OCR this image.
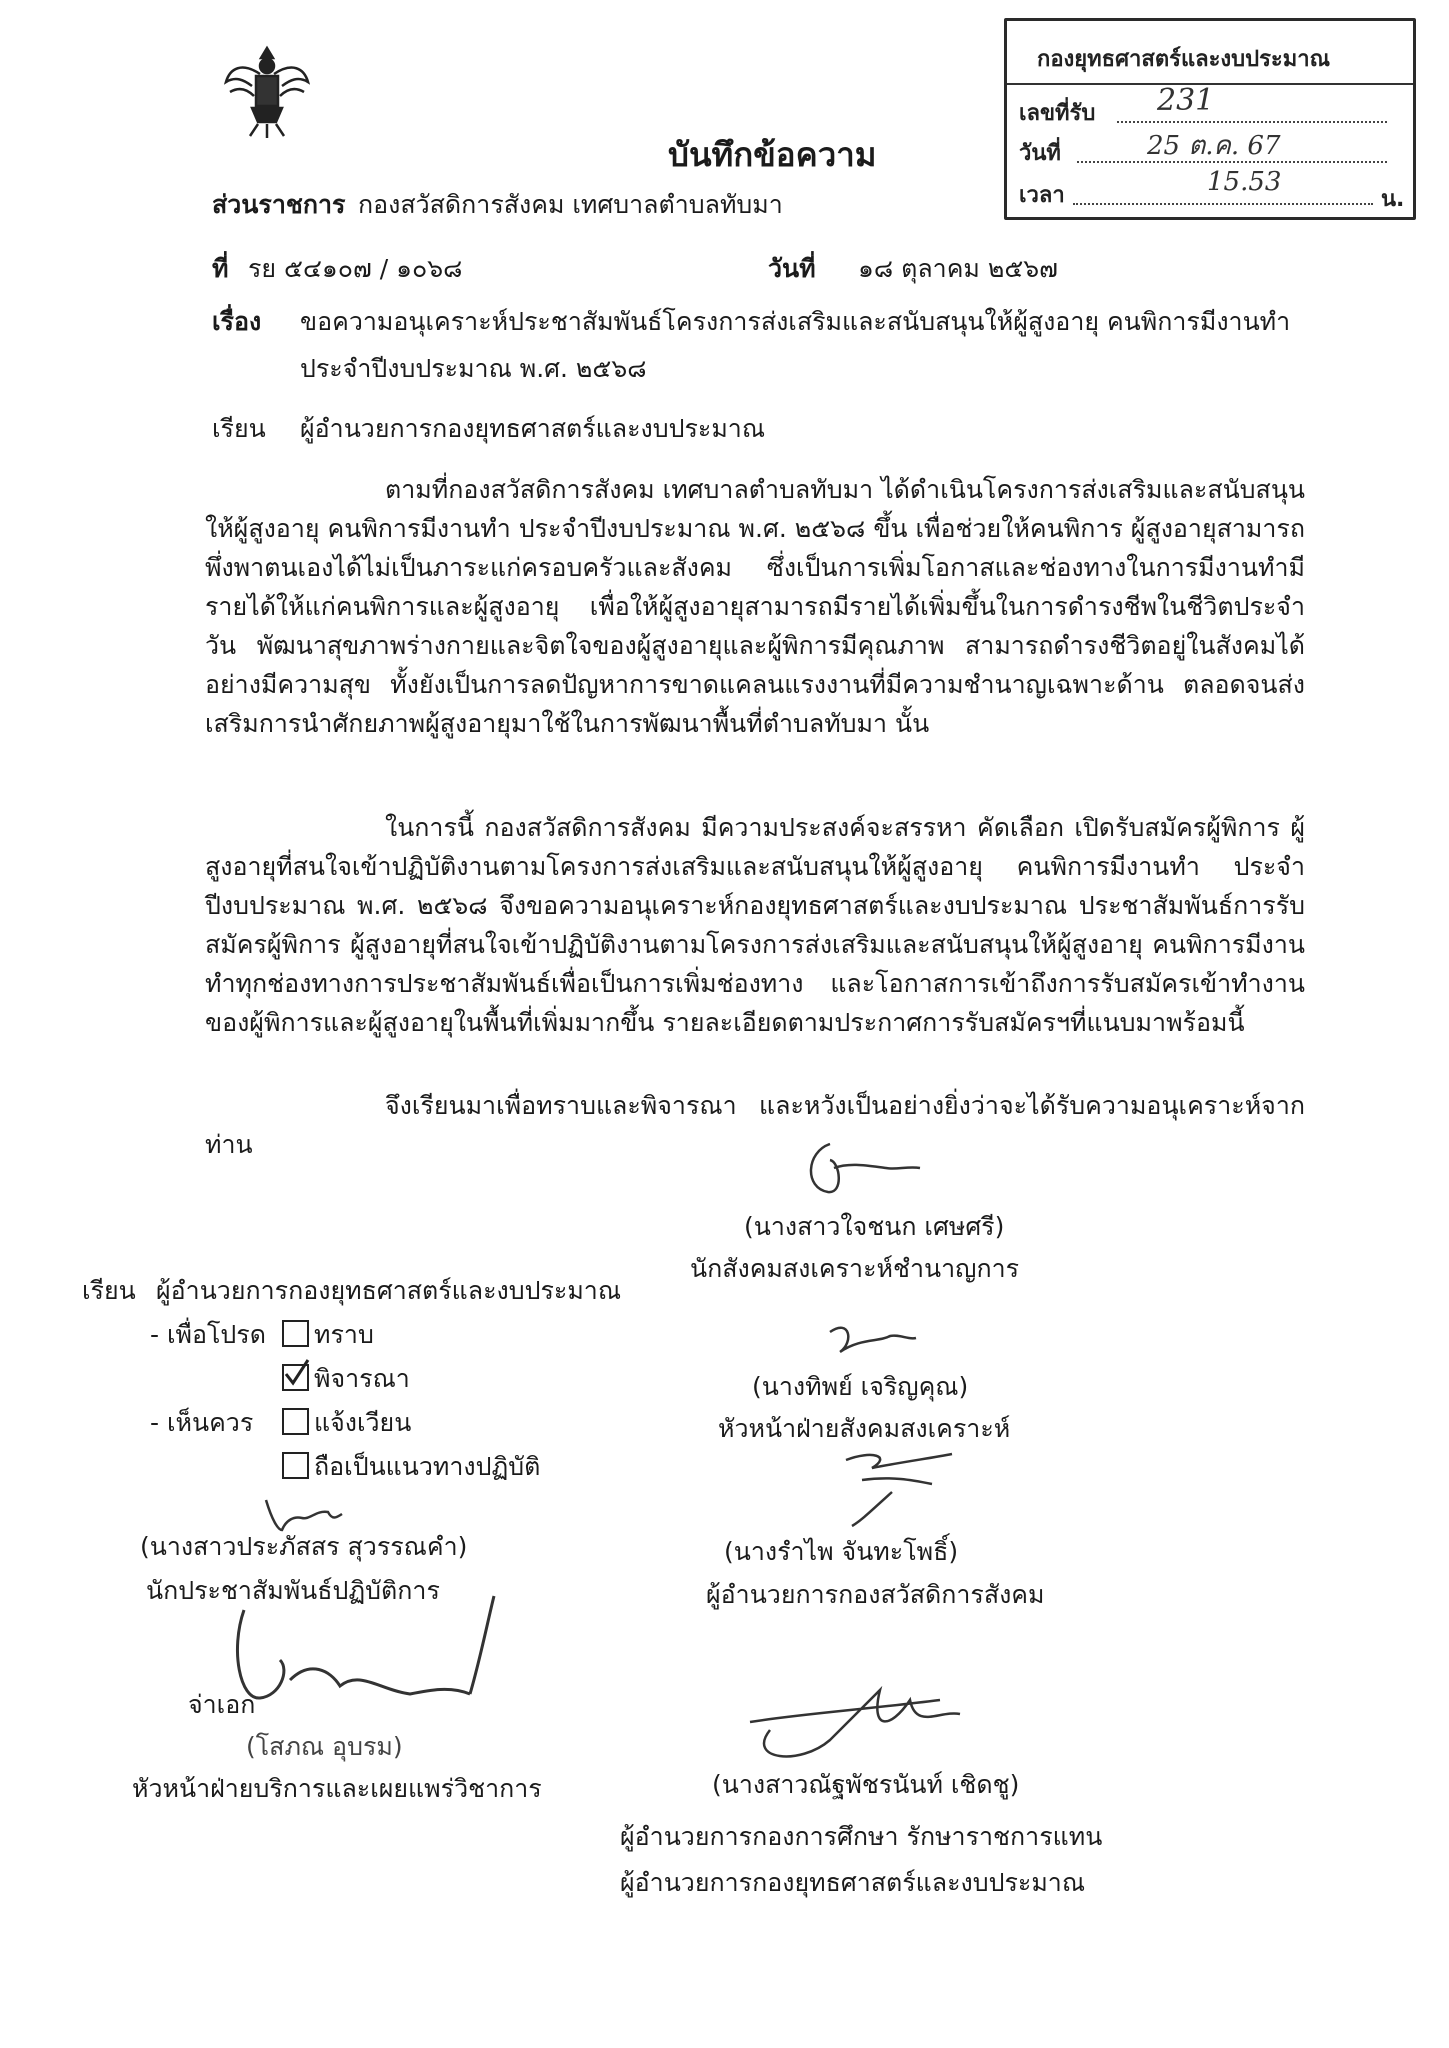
กองยุทธศาสตร์และงบประมาณ
เลขที่รับ 231
วันที่	25 ต.ค. 67
เวลา	15.53
น.
บันทึกข้อความ
ส่วนราชการ กองสวัสดิการสังคม เทศบาลตำบลทับมา
ที่ รย ๕๔๑๐๗ / ๑๐๖๘	วันที่ ๑๘ ตุลาคม ๒๕๖๗
เรื่อง ขอความอนุเคราะห์ประชาสัมพันธ์โครงการส่งเสริมและสนับสนุนให้ผู้สูงอายุ คนพิการมีงานทำ
ประจำปีงบประมาณ พ.ศ. ๒๕๖๘
เรียน ผู้อำนวยการกองยุทธศาสตร์และงบประมาณ
ตามที่กองสวัสดิการสังคม เทศบาลตำบลทับมา ได้ดำเนินโครงการส่งเสริมและสนับสนุนให้ผู้สูงอายุ คนพิการมีงานทำ ประจำปีงบประมาณ พ.ศ. ๒๕๖๘ ขึ้น เพื่อช่วยให้คนพิการ ผู้สูงอายุสามารถพึ่งพาตนเองได้ไม่เป็นภาระแก่ครอบครัวและสังคม ซึ่งเป็นการเพิ่มโอกาสและช่องทางในการมีงานทำมีรายได้ให้แก่คนพิการและผู้สูงอายุ เพื่อให้ผู้สูงอายุสามารถมีรายได้เพิ่มขึ้นในการดำรงชีพในชีวิตประจำวัน พัฒนาสุขภาพร่างกายและจิตใจของผู้สูงอายุและผู้พิการมีคุณภาพ สามารถดำรงชีวิตอยู่ในสังคมได้อย่างมีความสุข ทั้งยังเป็นการลดปัญหาการขาดแคลนแรงงานที่มีความชำนาญเฉพาะด้าน ตลอดจนส่งเสริมการนำศักยภาพผู้สูงอายุมาใช้ในการพัฒนาพื้นที่ตำบลทับมา นั้น
ในการนี้ กองสวัสดิการสังคม มีความประสงค์จะสรรหา คัดเลือก เปิดรับสมัครผู้พิการ ผู้สูงอายุที่สนใจเข้าปฏิบัติงานตามโครงการส่งเสริมและสนับสนุนให้ผู้สูงอายุ คนพิการมีงานทำ ประจำปีงบประมาณ พ.ศ. ๒๕๖๘ จึงขอความอนุเคราะห์กองยุทธศาสตร์และงบประมาณ ประชาสัมพันธ์การรับสมัครผู้พิการ ผู้สูงอายุที่สนใจเข้าปฏิบัติงานตามโครงการส่งเสริมและสนับสนุนให้ผู้สูงอายุ คนพิการมีงานทำทุกช่องทางการประชาสัมพันธ์เพื่อเป็นการเพิ่มช่องทาง และโอกาสการเข้าถึงการรับสมัครเข้าทำงานของผู้พิการและผู้สูงอายุในพื้นที่เพิ่มมากขึ้น รายละเอียดตามประกาศการรับสมัครฯที่แนบมาพร้อมนี้
จึงเรียนมาเพื่อทราบและพิจารณา และหวังเป็นอย่างยิ่งว่าจะได้รับความอนุเคราะห์จากท่าน
(นางสาวใจชนก เศษศรี)
นักสังคมสงเคราะห์ชำนาญการ
(นางทิพย์ เจริญคุณ)
หัวหน้าฝ่ายสังคมสงเคราะห์
(นางรำไพ จันทะโพธิ์)
ผู้อำนวยการกองสวัสดิการสังคม
(นางสาวณัฐพัชรนันท์ เชิดชู)
ผู้อำนวยการกองการศึกษา รักษาราชการแทน
ผู้อำนวยการกองยุทธศาสตร์และงบประมาณ
เรียน ผู้อำนวยการกองยุทธศาสตร์และงบประมาณ
- เพื่อโปรด ทราบ
พิจารณา
- เห็นควร แจ้งเวียน
ถือเป็นแนวทางปฏิบัติ
(นางสาวประภัสสร สุวรรณคำ)
นักประชาสัมพันธ์ปฏิบัติการ
จ่าเอก
(โสภณ อุบรม)
หัวหน้าฝ่ายบริการและเผยแพร่วิชาการ
